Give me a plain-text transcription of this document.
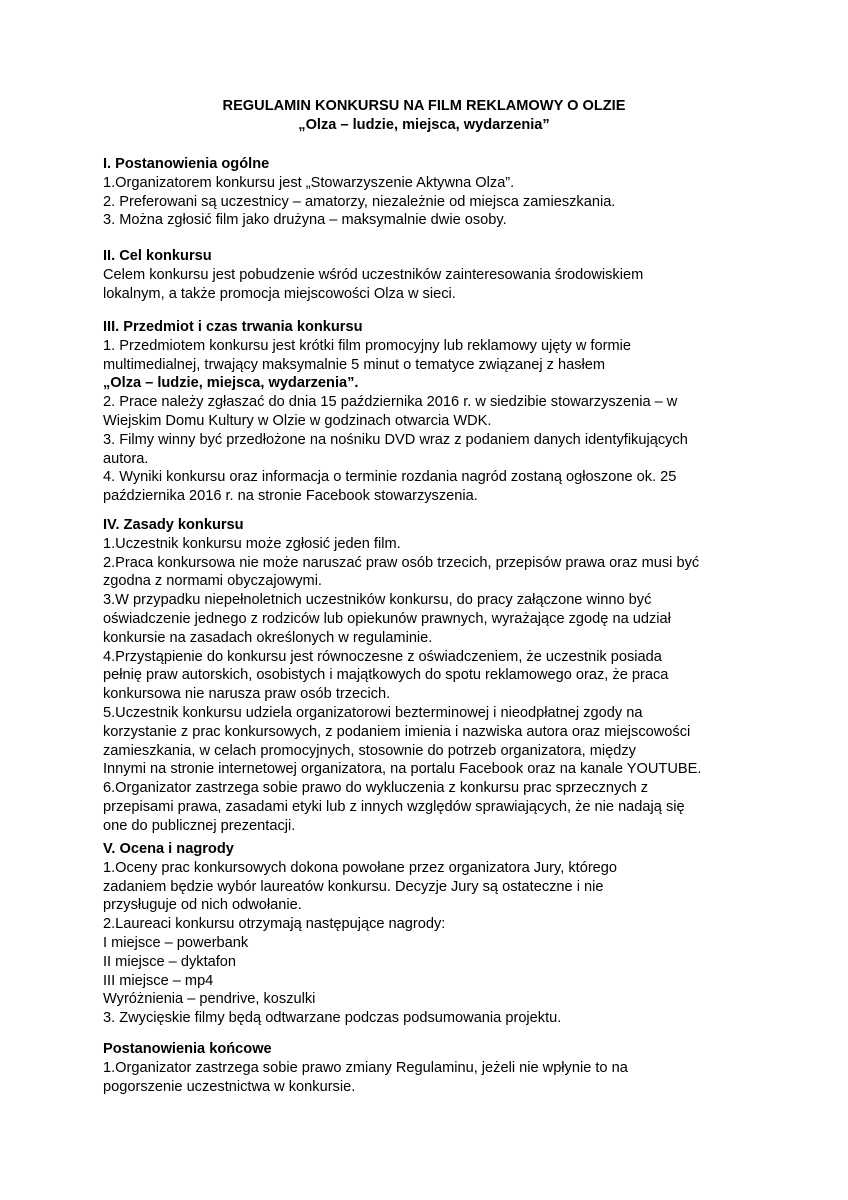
REGULAMIN KONKURSU NA FILM REKLAMOWY O OLZIE
„Olza – ludzie, miejsca, wydarzenia”
I. Postanowienia ogólne
1.Organizatorem konkursu jest „Stowarzyszenie Aktywna Olza”.
2. Preferowani są uczestnicy – amatorzy, niezależnie od miejsca zamieszkania.
3. Można zgłosić film jako drużyna – maksymalnie dwie osoby.
II. Cel konkursu
Celem konkursu jest pobudzenie wśród uczestników zainteresowania środowiskiem
lokalnym, a także promocja miejscowości Olza w sieci.
III. Przedmiot i czas trwania konkursu
1. Przedmiotem konkursu jest krótki film promocyjny lub reklamowy ujęty w formie
multimedialnej, trwający maksymalnie 5 minut o tematyce związanej z hasłem
„Olza – ludzie, miejsca, wydarzenia”.
2. Prace należy zgłaszać do dnia 15 października 2016 r. w siedzibie stowarzyszenia – w
Wiejskim Domu Kultury w Olzie w godzinach otwarcia WDK.
3. Filmy winny być przedłożone na nośniku DVD wraz z podaniem danych identyfikujących
autora.
4. Wyniki konkursu oraz informacja o terminie rozdania nagród zostaną ogłoszone ok. 25
października 2016 r. na stronie Facebook stowarzyszenia.
IV. Zasady konkursu
1.Uczestnik konkursu może zgłosić jeden film.
2.Praca konkursowa nie może naruszać praw osób trzecich, przepisów prawa oraz musi być
zgodna z normami obyczajowymi.
3.W przypadku niepełnoletnich uczestników konkursu, do pracy załączone winno być
oświadczenie jednego z rodziców lub opiekunów prawnych, wyrażające zgodę na udział
konkursie na zasadach określonych w regulaminie.
4.Przystąpienie do konkursu jest równoczesne z oświadczeniem, że uczestnik posiada
pełnię praw autorskich, osobistych i majątkowych do spotu reklamowego oraz, że praca
konkursowa nie narusza praw osób trzecich.
5.Uczestnik konkursu udziela organizatorowi bezterminowej i nieodpłatnej zgody na
korzystanie z prac konkursowych, z podaniem imienia i nazwiska autora oraz miejscowości
zamieszkania, w celach promocyjnych, stosownie do potrzeb organizatora, między
Innymi na stronie internetowej organizatora, na portalu Facebook oraz na kanale YOUTUBE.
6.Organizator zastrzega sobie prawo do wykluczenia z konkursu prac sprzecznych z
przepisami prawa, zasadami etyki lub z innych względów sprawiających, że nie nadają się
one do publicznej prezentacji.
V. Ocena i nagrody
1.Oceny prac konkursowych dokona powołane przez organizatora Jury, którego
zadaniem będzie wybór laureatów konkursu. Decyzje Jury są ostateczne i nie
przysługuje od nich odwołanie.
2.Laureaci konkursu otrzymają następujące nagrody:
I miejsce – powerbank
II miejsce – dyktafon
III miejsce – mp4
Wyróżnienia – pendrive, koszulki
3. Zwycięskie filmy będą odtwarzane podczas podsumowania projektu.
Postanowienia końcowe
1.Organizator zastrzega sobie prawo zmiany Regulaminu, jeżeli nie wpłynie to na
pogorszenie uczestnictwa w konkursie.
